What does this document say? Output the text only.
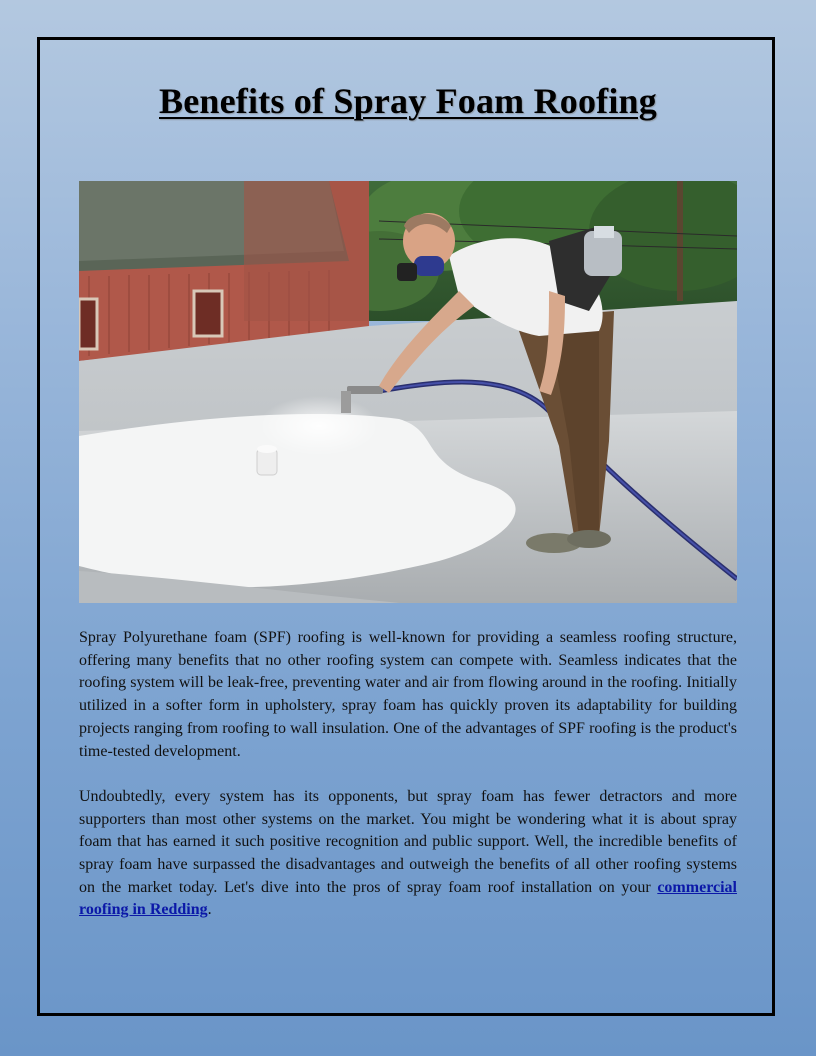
Benefits of Spray Foam Roofing

Spray Polyurethane foam (SPF) roofing is well-known for providing a seamless roofing structure, offering many benefits that no other roofing system can compete with. Seamless indicates that the roofing system will be leak-free, preventing water and air from flowing around in the roofing. Initially utilized in a softer form in upholstery, spray foam has quickly proven its adaptability for building projects ranging from roofing to wall insulation. One of the advantages of SPF roofing is the product's time-tested development.

Undoubtedly, every system has its opponents, but spray foam has fewer detractors and more supporters than most other systems on the market. You might be wondering what it is about spray foam that has earned it such positive recognition and public support. Well, the incredible benefits of spray foam have surpassed the disadvantages and outweigh the benefits of all other roofing systems on the market today. Let's dive into the pros of spray foam roof installation on your commercial roofing in Redding.
